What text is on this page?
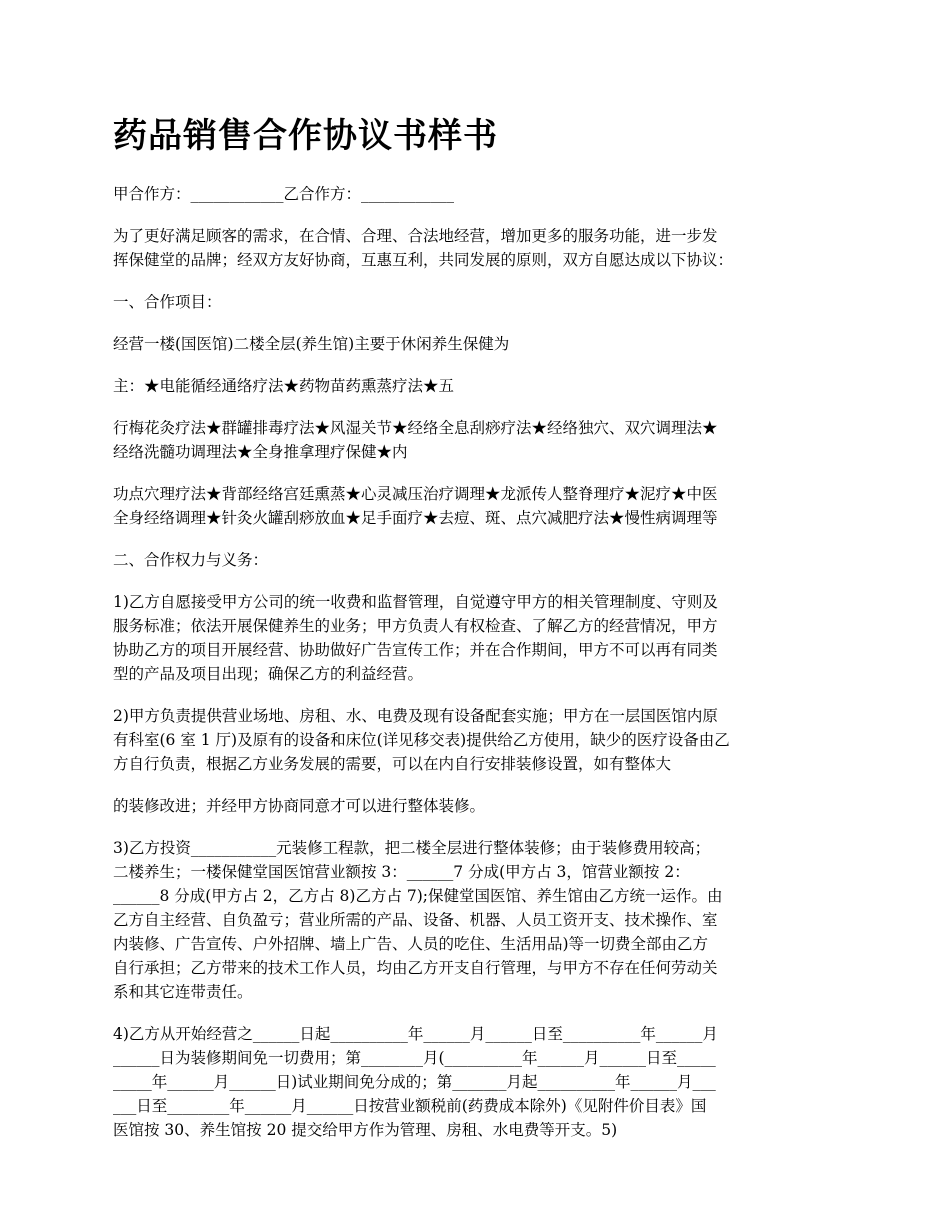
药品销售合作协议书样书
甲合作方：____________乙合作方：____________
为了更好满足顾客的需求，在合情、合理、合法地经营，增加更多的服务功能，进一步发
挥保健堂的品牌；经双方友好协商，互惠互利，共同发展的原则，双方自愿达成以下协议：
一、合作项目：
经营一楼(国医馆)二楼全层(养生馆)主要于休闲养生保健为
主：★电能循经通络疗法★药物苗药熏蒸疗法★五
行梅花灸疗法★群罐排毒疗法★风湿关节★经络全息刮痧疗法★经络独穴、双穴调理法★
经络洗髓功调理法★全身推拿理疗保健★内
功点穴理疗法★背部经络宫廷熏蒸★心灵减压治疗调理★龙派传人整脊理疗★泥疗★中医
全身经络调理★针灸火罐刮痧放血★足手面疗★去痘、斑、点穴减肥疗法★慢性病调理等
二、合作权力与义务：
1)乙方自愿接受甲方公司的统一收费和监督管理，自觉遵守甲方的相关管理制度、守则及
服务标准；依法开展保健养生的业务；甲方负责人有权检查、了解乙方的经营情况，甲方
协助乙方的项目开展经营、协助做好广告宣传工作；并在合作期间，甲方不可以再有同类
型的产品及项目出现；确保乙方的利益经营。
2)甲方负责提供营业场地、房租、水、电费及现有设备配套实施；甲方在一层国医馆内原
有科室(6 室 1 厅)及原有的设备和床位(详见移交表)提供给乙方使用，缺少的医疗设备由乙
方自行负责，根据乙方业务发展的需要，可以在内自行安排装修设置，如有整体大
的装修改进；并经甲方协商同意才可以进行整体装修。
3)乙方投资___________元装修工程款，把二楼全层进行整体装修；由于装修费用较高；
二楼养生；一楼保健堂国医馆营业额按 3：______7 分成(甲方占 3，馆营业额按 2：
______8 分成(甲方占 2，乙方占 8)乙方占 7);保健堂国医馆、养生馆由乙方统一运作。由
乙方自主经营、自负盈亏；营业所需的产品、设备、机器、人员工资开支、技术操作、室
内装修、广告宣传、户外招牌、墙上广告、人员的吃住、生活用品)等一切费全部由乙方
自行承担；乙方带来的技术工作人员，均由乙方开支自行管理，与甲方不存在任何劳动关
系和其它连带责任。
4)乙方从开始经营之______日起__________年______月______日至__________年______月
______日为装修期间免一切费用；第________月(__________年______月______日至_____
_____年______月______日)试业期间免分成的；第_______月起__________年______月___
___日至________年______月______日按营业额税前(药费成本除外)《见附件价目表》国
医馆按 30、养生馆按 20 提交给甲方作为管理、房租、水电费等开支。5)
